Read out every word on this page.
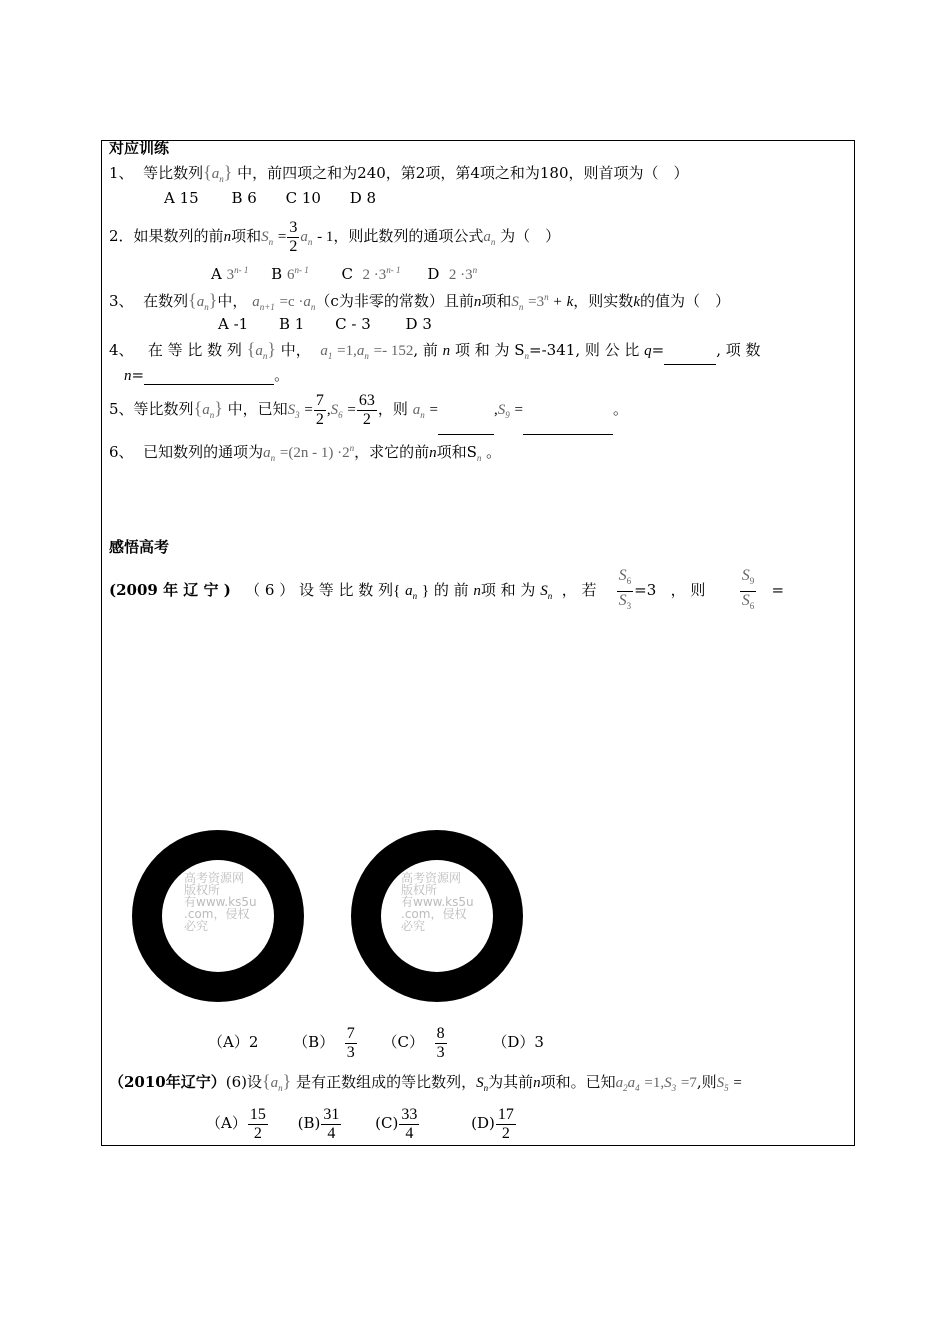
对应训练
1、 等比数列$\{a_n\}$ 中，前四项之和为240，第2项，第4项之和为180，则首项为（　）
A 15 B 6 C 10 D 8
2．如果数列的前n项和$S_n = \frac{3}{2} a_n - 1$，则此数列的通项公式$a_n$ 为（　）
A 3$^{n- 1}$ B 6$^{n- 1}$ C $2 \cdot 3^{n- 1}$ D $2 \cdot 3^n$
3、 在数列$\{a_n\}$中， $a_{n+1} =c \cdot a_n(c$为非零的常数）且前n项和$S_n =3^n + k$，则实数k的值为（　）
A -1 B 1 C - 3 D 3
4、 在 等 比 数 列 $\{a_n\}$ 中， $a_1 =1,a_n =- 152$, 前 n 项 和 为 $S_n=-341$, 则 公 比 q=	, 项 数
n=	。
5、等比数列$\{a_n\}$ 中，已知$S_3 = \frac{7}{2} ,S_6 = \frac{63}{2}$ ，则 $a_n$ =	$,S_9$ =	。
6、 已知数列的通项为$a_n =(2n - 1) \cdot 2^n$，求它的前n项和$S_n$ 。
感悟高考
(2009 年 辽 宁 ) （ 6 ） 设 等 比 数 列{ $a_n$ } 的 前 n项 和 为 $S_n$ ， 若 $\frac{S_6}{S_3} =3$ ， 则 $\frac{S_9}{S_6}$ =
高考资源网
版权所
有www.ks5u
.com，侵权
必究
高考资源网
版权所
有www.ks5u
.com，侵权
必究
（A）2 $(B) \frac{7}{3} (C) \frac{8}{3}$	（D）3
（2010年辽宁）(6)设$\{a_n\}$ 是有正数组成的等比数列，$S_n$为其前n项和。已知$a_2a_4 =1,S_3 =7$,则$S_5$ =
$(A) \frac{15}{2} (B) \frac{31}{4} (C) \frac{33}{4}$	$(D) \frac{17}{2}$
